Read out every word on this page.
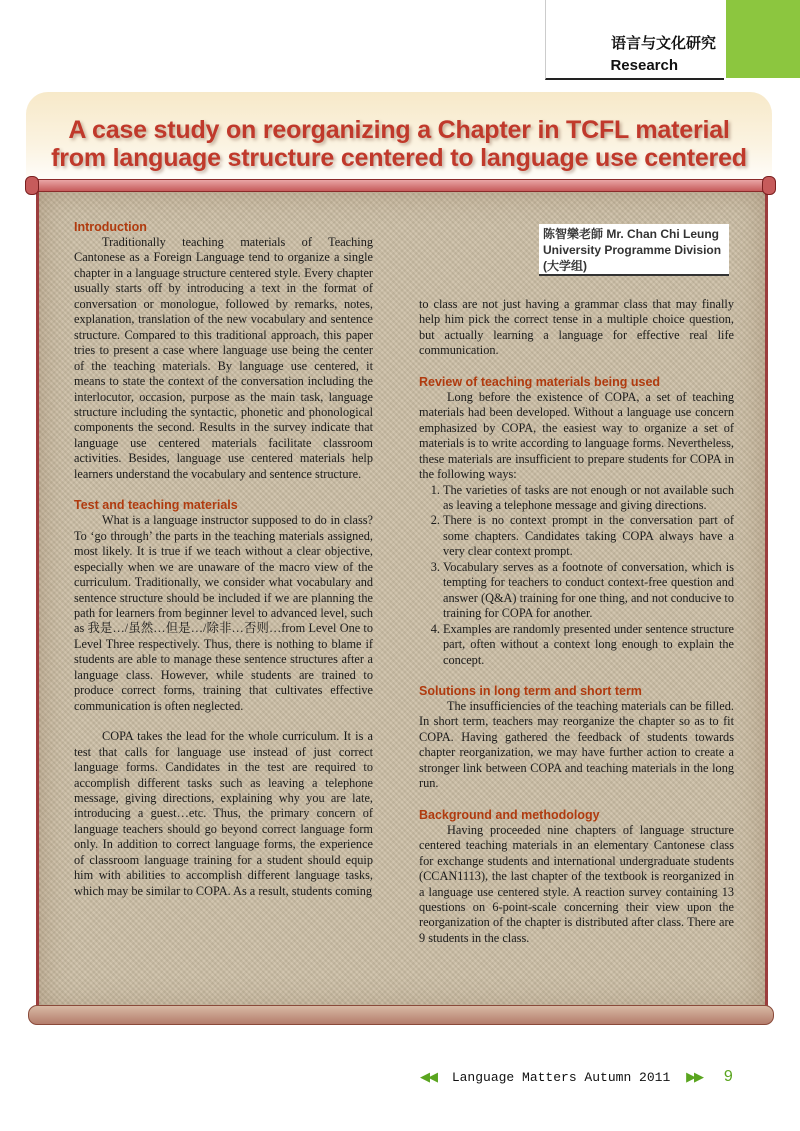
语言与文化研究
Research
A case study on reorganizing a Chapter in TCFL material
from language structure centered to language use centered
陈智樂老師 Mr. Chan Chi Leung
University Programme Division
(大学组)
Introduction

Traditionally teaching materials of Teaching Cantonese as a Foreign Language tend to organize a single chapter in a language structure centered style. Every chapter usually starts off by introducing a text in the format of conversation or monologue, followed by remarks, notes, explanation, translation of the new vocabulary and sentence structure. Compared to this traditional approach, this paper tries to present a case where language use being the center of the teaching materials. By language use centered, it means to state the context of the conversation including the interlocutor, occasion, purpose as the main task, language structure including the syntactic, phonetic and phonological components the second. Results in the survey indicate that language use centered materials facilitate classroom activities. Besides, language use centered materials help learners understand the vocabulary and sentence structure.

Test and teaching materials

What is a language instructor supposed to do in class? To ‘go through’ the parts in the teaching materials assigned, most likely. It is true if we teach without a clear objective, especially when we are unaware of the macro view of the curriculum. Traditionally, we consider what vocabulary and sentence structure should be included if we are planning the path for learners from beginner level to advanced level, such as 我是…/虽然…但是…/除非…否则…from Level One to Level Three respectively. Thus, there is nothing to blame if students are able to manage these sentence structures after a language class. However, while students are trained to produce correct forms, training that cultivates effective communication is often neglected.

COPA takes the lead for the whole curriculum. It is a test that calls for language use instead of just correct language forms. Candidates in the test are required to accomplish different tasks such as leaving a telephone message, giving directions, explaining why you are late, introducing a guest…etc. Thus, the primary concern of language teachers should go beyond correct language form only. In addition to correct language forms, the experience of classroom language training for a student should equip him with abilities to accomplish different language tasks, which may be similar to COPA. As a result, students coming

to class are not just having a grammar class that may finally help him pick the correct tense in a multiple choice question, but actually learning a language for effective real life communication.

Review of teaching materials being used

Long before the existence of COPA, a set of teaching materials had been developed. Without a language use concern emphasized by COPA, the easiest way to organize a set of materials is to write according to language forms. Nevertheless, these materials are insufficient to prepare students for COPA in the following ways:

1. The varieties of tasks are not enough or not available such as leaving a telephone message and giving directions.
2. There is no context prompt in the conversation part of some chapters. Candidates taking COPA always have a very clear context prompt.
3. Vocabulary serves as a footnote of conversation, which is tempting for teachers to conduct context-free question and answer (Q&A) training for one thing, and not conducive to training for COPA for another.
4. Examples are randomly presented under sentence structure part, often without a context long enough to explain the concept.
Solutions in long term and short term

The insufficiencies of the teaching materials can be filled. In short term, teachers may reorganize the chapter so as to fit COPA. Having gathered the feedback of students towards chapter reorganization, we may have further action to create a stronger link between COPA and teaching materials in the long run.

Background and methodology

Having proceeded nine chapters of language structure centered teaching materials in an elementary Cantonese class for exchange students and international undergraduate students (CCAN1113), the last chapter of the textbook is reorganized in a language use centered style. A reaction survey containing 13 questions on 6-point-scale concerning their view upon the reorganization of the chapter is distributed after class. There are 9 students in the class.

◀◀ Language Matters Autumn 2011 ▶▶ 9
